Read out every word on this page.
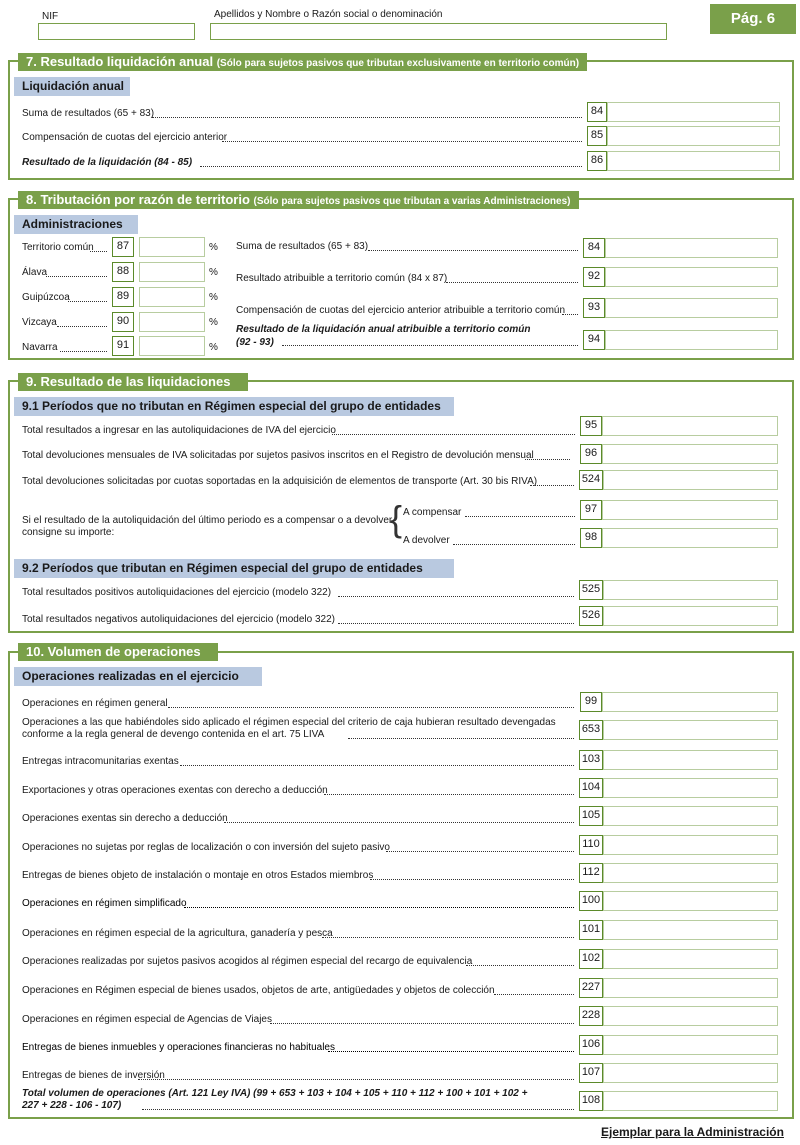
NIF	Apellidos y Nombre o Razón social o denominación	Pág. 6
7. Resultado liquidación anual (Sólo para sujetos pasivos que tributan exclusivamente en territorio común)
Liquidación anual
Suma de resultados (65 + 83)	84
Compensación de cuotas del ejercicio anterior	85
Resultado de la liquidación (84 - 85)	86
8. Tributación por razón de territorio (Sólo para sujetos pasivos que tributan a varias Administraciones)
Administraciones
Territorio común	87	%
Álava	88	%
Guipúzcoa	89	%
Vizcaya	90	%
Navarra	91	%
Suma de resultados (65 + 83)	84
Resultado atribuible a territorio común (84 x 87)	92
Compensación de cuotas del ejercicio anterior atribuible a territorio común	93
Resultado de la liquidación anual atribuible a territorio común
(92 - 93)	94
9. Resultado de las liquidaciones
9.1 Períodos que no tributan en Régimen especial del grupo de entidades
Total resultados a ingresar en las autoliquidaciones de IVA del ejercicio	95
Total devoluciones mensuales de IVA solicitadas por sujetos pasivos inscritos en el Registro de devolución mensual	96
Total devoluciones solicitadas por cuotas soportadas en la adquisición de elementos de transporte (Art. 30 bis RIVA)	524
Si el resultado de la autoliquidación del último periodo es a compensar o a devolver
consigne su importe:	{ A compensar	97
A devolver	98
9.2 Períodos que tributan en Régimen especial del grupo de entidades
Total resultados positivos autoliquidaciones del ejercicio (modelo 322)	525
Total resultados negativos autoliquidaciones del ejercicio (modelo 322)	526
10. Volumen de operaciones
Operaciones realizadas en el ejercicio
Operaciones en régimen general	99
Operaciones a las que habiéndoles sido aplicado el régimen especial del criterio de caja hubieran resultado devengadas
conforme a la regla general de devengo contenida en el art. 75 LIVA	653
Entregas intracomunitarias exentas	103
Exportaciones y otras operaciones exentas con derecho a deducción	104
Operaciones exentas sin derecho a deducción	105
Operaciones no sujetas por reglas de localización o con inversión del sujeto pasivo	110
Entregas de bienes objeto de instalación o montaje en otros Estados miembros	112
Operaciones en régimen simplificado	100
Operaciones en régimen especial de la agricultura, ganadería y pesca	101
Operaciones realizadas por sujetos pasivos acogidos al régimen especial del recargo de equivalencia	102
Operaciones en Régimen especial de bienes usados, objetos de arte, antigüedades y objetos de colección	227
Operaciones en régimen especial de Agencias de Viajes	228
Entregas de bienes inmuebles y operaciones financieras no habituales	106
Entregas de bienes de inversión	107
Total volumen de operaciones (Art. 121 Ley IVA) (99 + 653 + 103 + 104 + 105 + 110 + 112 + 100 + 101 + 102 +
227 + 228 - 106 - 107)	108
Ejemplar para la Administración
